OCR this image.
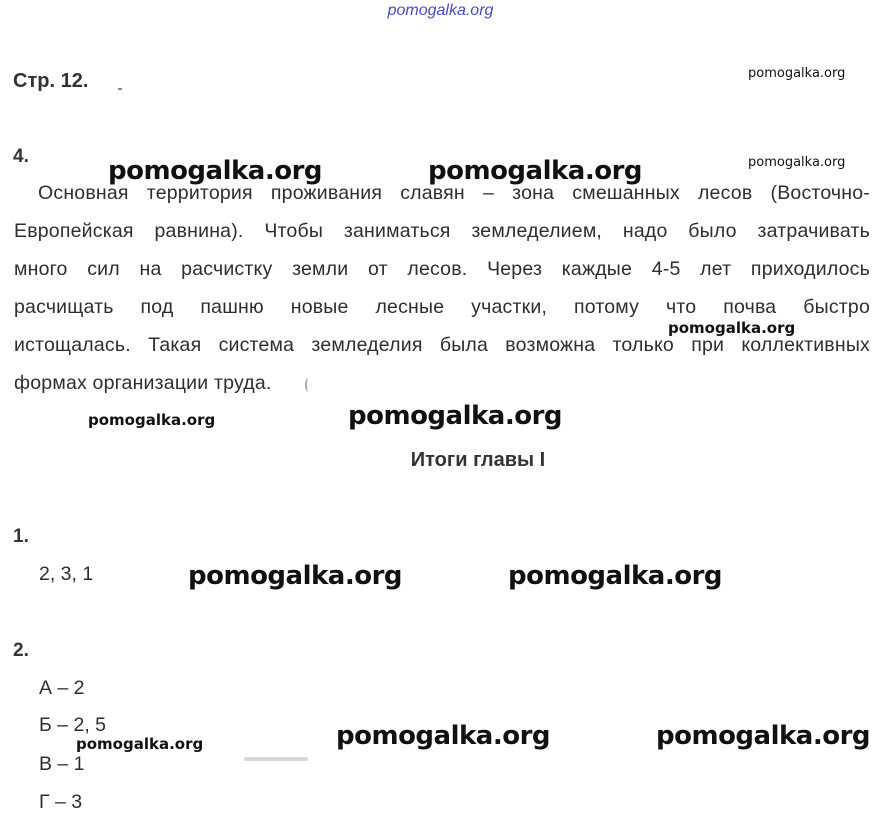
pomogalka.org
Стр. 12.
4.
Основная территория проживания славян – зона смешанных лесов (Восточно-
Европейская равнина). Чтобы заниматься земледелием, надо было затрачивать
много сил на расчистку земли от лесов. Через каждые 4-5 лет приходилось
расчищать под пашню новые лесные участки, потому что почва быстро
истощалась. Такая система земледелия была возможна только при коллективных
формах организации труда.
Итоги главы I
1.
2, 3, 1
2.
А – 2
Б – 2, 5
В – 1
Г – 3
pomogalka.org
pomogalka.org
pomogalka.org	pomogalka.org
pomogalka.org
pomogalka.org
pomogalka.org
pomogalka.org	pomogalka.org
pomogalka.org	pomogalka.org
pomogalka.org
